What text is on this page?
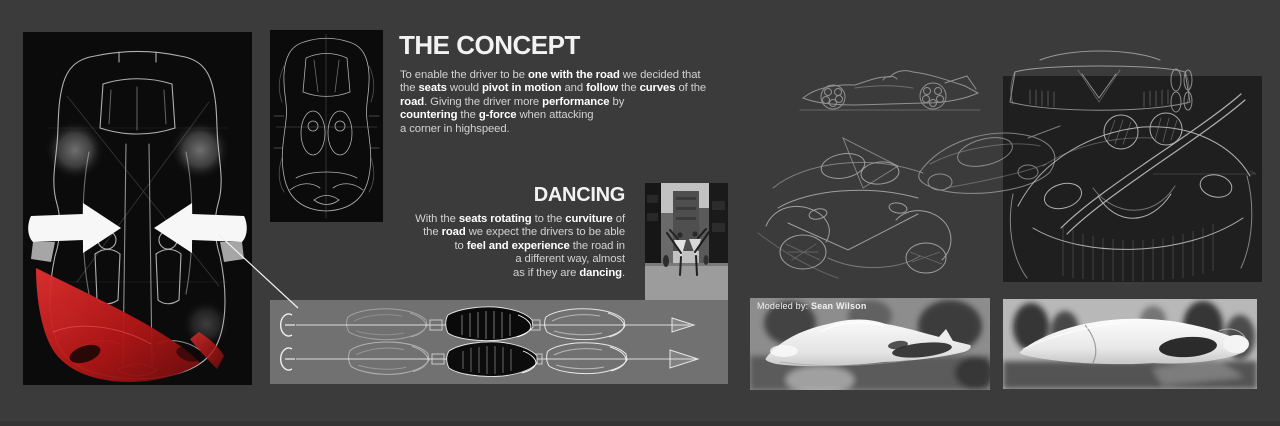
THE CONCEPT
To enable the driver to be one with the road we decided that
the seats would pivot in motion and follow the curves of the
road. Giving the driver more performance by
countering the g-force when attacking
a corner in highspeed.
DANCING
With the seats rotating to the curviture of
the road we expect the drivers to be able
to feel and experience the road in
a different way, almost
as if they are dancing.
Modeled by: Sean Wilson
